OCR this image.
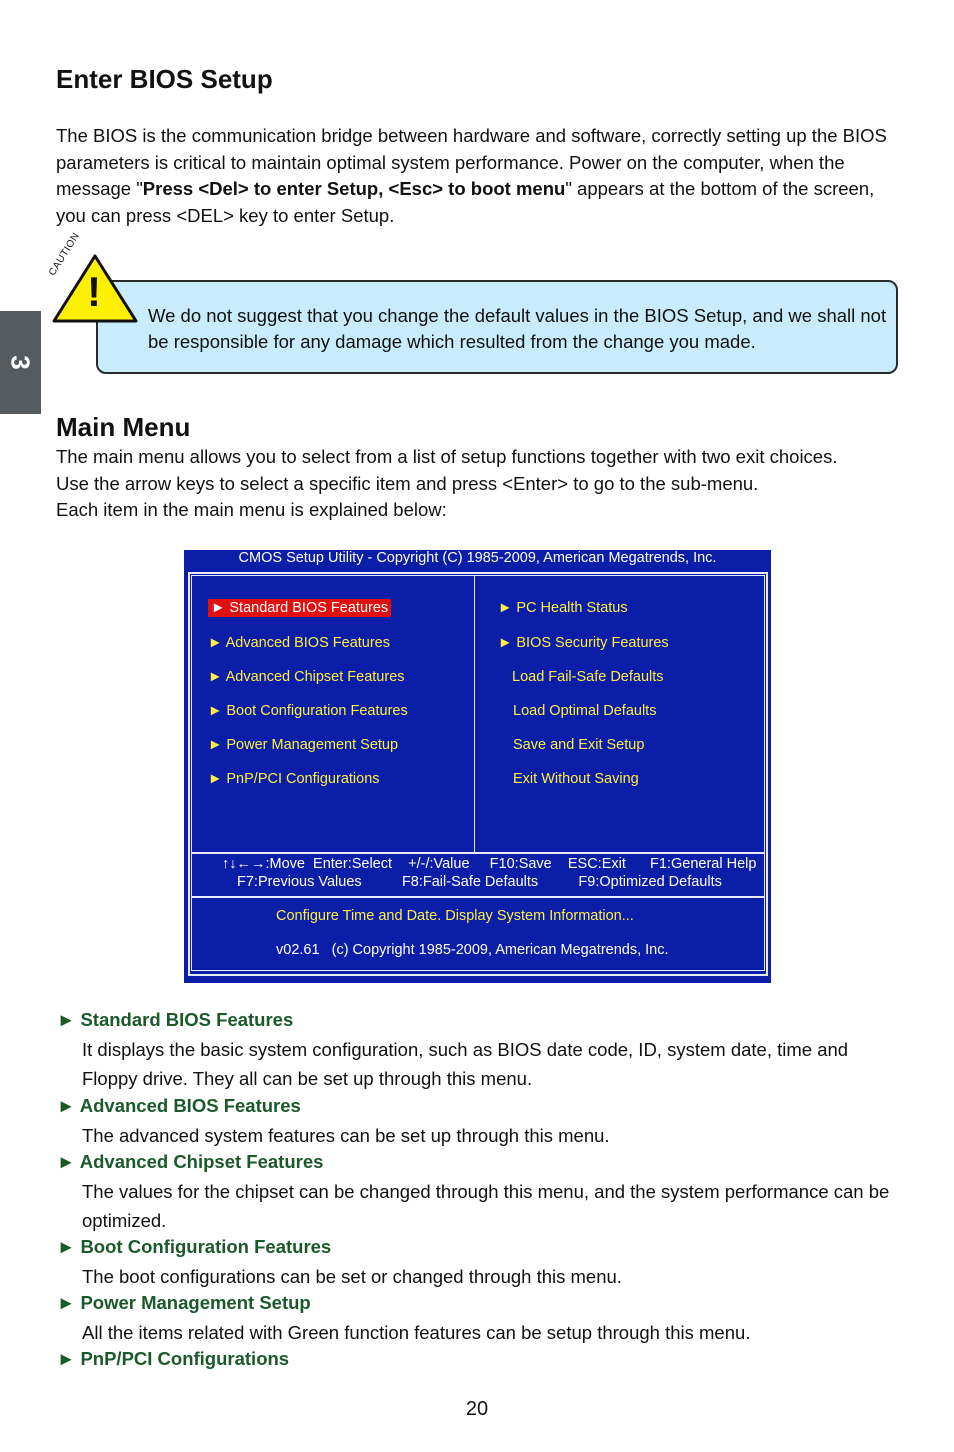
3
Enter BIOS Setup
The BIOS is the communication bridge between hardware and software, correctly setting up the BIOS parameters is critical to maintain optimal system performance. Power on the computer, when the message "Press <Del> to enter Setup, <Esc> to boot menu" appears at the bottom of the screen, you can press <DEL> key to enter Setup.
!
CAUTION
We do not suggest that you change the default values in the BIOS Setup, and we shall not be responsible for any damage which resulted from the change you made.
Main Menu
The main menu allows you to select from a list of setup functions together with two exit choices.
Use the arrow keys to select a specific item and press <Enter> to go to the sub-menu.
Each item in the main menu is explained below:
CMOS Setup Utility - Copyright (C) 1985-2009, American Megatrends, Inc.
► Standard BIOS Features
► Advanced BIOS Features
► Advanced Chipset Features
► Boot Configuration Features
► Power Management Setup
► PnP/PCI Configurations
► PC Health Status
► BIOS Security Features
Load Fail-Safe Defaults
Load Optimal Defaults
Save and Exit Setup
Exit Without Saving
↑↓←→:Move  Enter:Select    +/-/:Value     F10:Save    ESC:Exit      F1:General Help
F7:Previous Values          F8:Fail-Safe Defaults          F9:Optimized Defaults
Configure Time and Date. Display System Information...
v02.61   (c) Copyright 1985-2009, American Megatrends, Inc.
► Standard BIOS Features
It displays the basic system configuration, such as BIOS date code, ID, system date, time and Floppy drive. They all can be set up through this menu.
► Advanced BIOS Features
The advanced system features can be set up through this menu.
► Advanced Chipset Features
The values for the chipset can be changed through this menu, and the system performance can be optimized.
► Boot Configuration Features
The boot configurations can be set or changed through this menu.
► Power Management Setup
All the items related with Green function features can be setup through this menu.
► PnP/PCI Configurations
20
